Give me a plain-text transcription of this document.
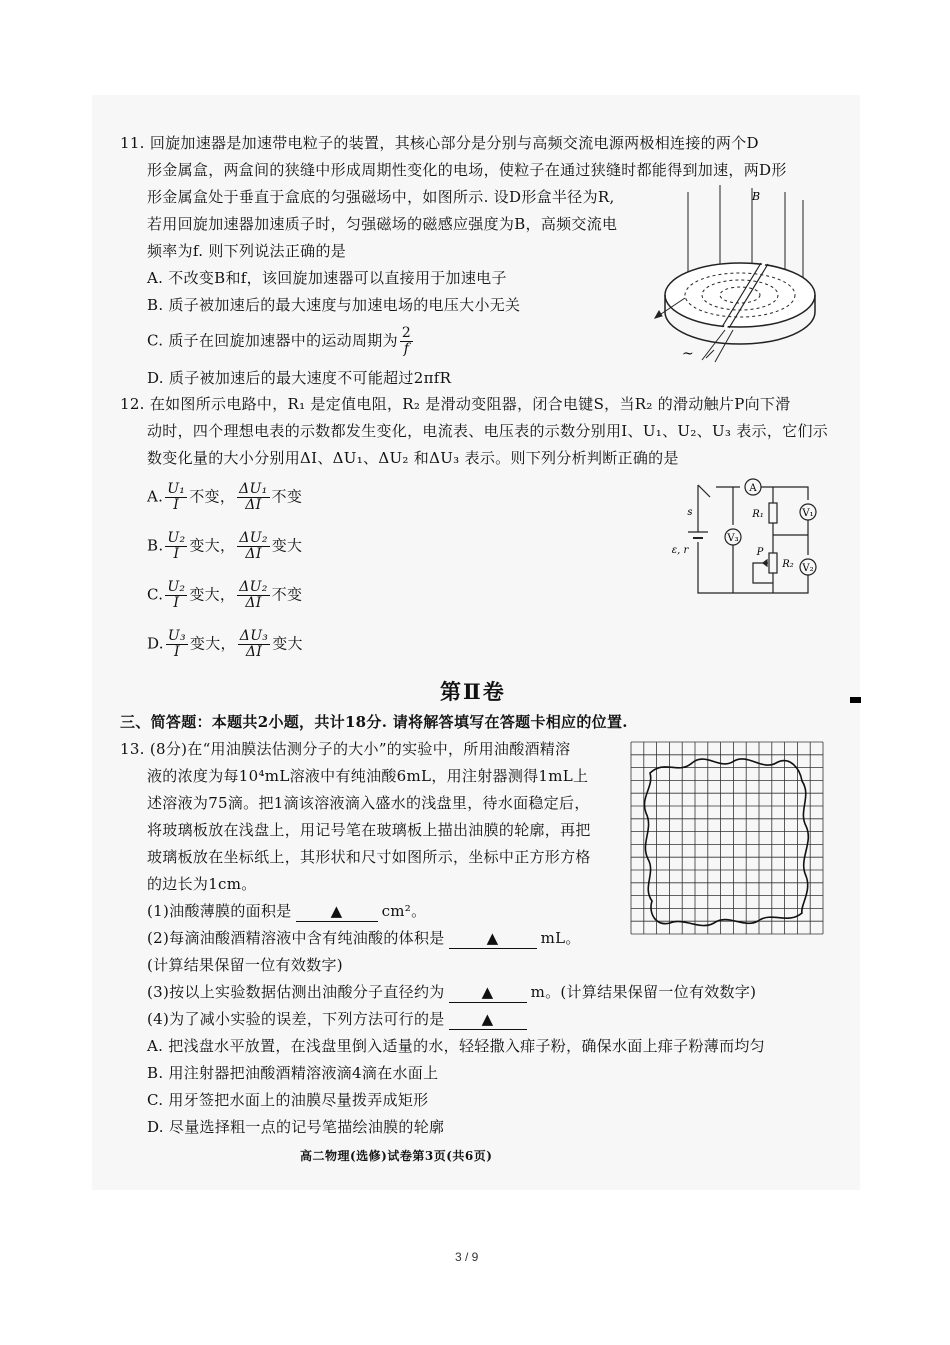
11. 回旋加速器是加速带电粒子的装置，其核心部分是分别与高频交流电源两极相连接的两个D
形金属盒，两盒间的狭缝中形成周期性变化的电场，使粒子在通过狭缝时都能得到加速，两D形
形金属盒处于垂直于盒底的匀强磁场中，如图所示. 设D形盒半径为R,
若用回旋加速器加速质子时，匀强磁场的磁感应强度为B，高频交流电
频率为f. 则下列说法正确的是
A. 不改变B和f，该回旋加速器可以直接用于加速电子
B. 质子被加速后的最大速度与加速电场的电压大小无关
C. 质子在回旋加速器中的运动周期为 $\frac{2}{f}$
D. 质子被加速后的最大速度不可能超过2πfR
B
~
12. 在如图所示电路中，R₁ 是定值电阻，R₂ 是滑动变阻器，闭合电键S，当R₂ 的滑动触片P向下滑
动时，四个理想电表的示数都发生变化，电流表、电压表的示数分别用I、U₁、U₂、U₃ 表示，它们示
数变化量的大小分别用ΔI、ΔU₁、ΔU₂ 和ΔU₃ 表示。则下列分析判断正确的是
A. $\frac{\text{U₁}}{I}$ 不变， $\frac{\text{ΔU₁}}{\Delta I}$ 不变
B. $\frac{\text{U₂}}{I}$ 变大， $\frac{\text{ΔU₂}}{\Delta I}$ 变大
C. $\frac{\text{U₂}}{I}$ 变大， $\frac{\text{ΔU₂}}{\Delta I}$ 不变
D. $\frac{\text{U₃}}{I}$ 变大， $\frac{\text{ΔU₃}}{\Delta I}$ 变大
A
V₁
V₂
V₃
R₁
R₂
P
s
ε, r
第Ⅱ卷
三、简答题：本题共2小题，共计18分. 请将解答填写在答题卡相应的位置.
13. (8分)在“用油膜法估测分子的大小”的实验中，所用油酸酒精溶
液的浓度为每10⁴mL溶液中有纯油酸6mL，用注射器测得1mL上
述溶液为75滴。把1滴该溶液滴入盛水的浅盘里，待水面稳定后，
将玻璃板放在浅盘上，用记号笔在玻璃板上描出油膜的轮廓，再把
玻璃板放在坐标纸上，其形状和尺寸如图所示，坐标中正方形方格
的边长为1cm。
(1)油酸薄膜的面积是	▲	cm²。
(2)每滴油酸酒精溶液中含有纯油酸的体积是	▲	mL。
(计算结果保留一位有效数字)
(3)按以上实验数据估测出油酸分子直径约为 ▲ m。(计算结果保留一位有效数字)
(4)为了减小实验的误差，下列方法可行的是 ▲
A. 把浅盘水平放置，在浅盘里倒入适量的水，轻轻撒入痱子粉，确保水面上痱子粉薄而均匀
B. 用注射器把油酸酒精溶液滴4滴在水面上
C. 用牙签把水面上的油膜尽量拨弄成矩形
D. 尽量选择粗一点的记号笔描绘油膜的轮廓
高二物理(选修)试卷第3页(共6页)
3 / 9
